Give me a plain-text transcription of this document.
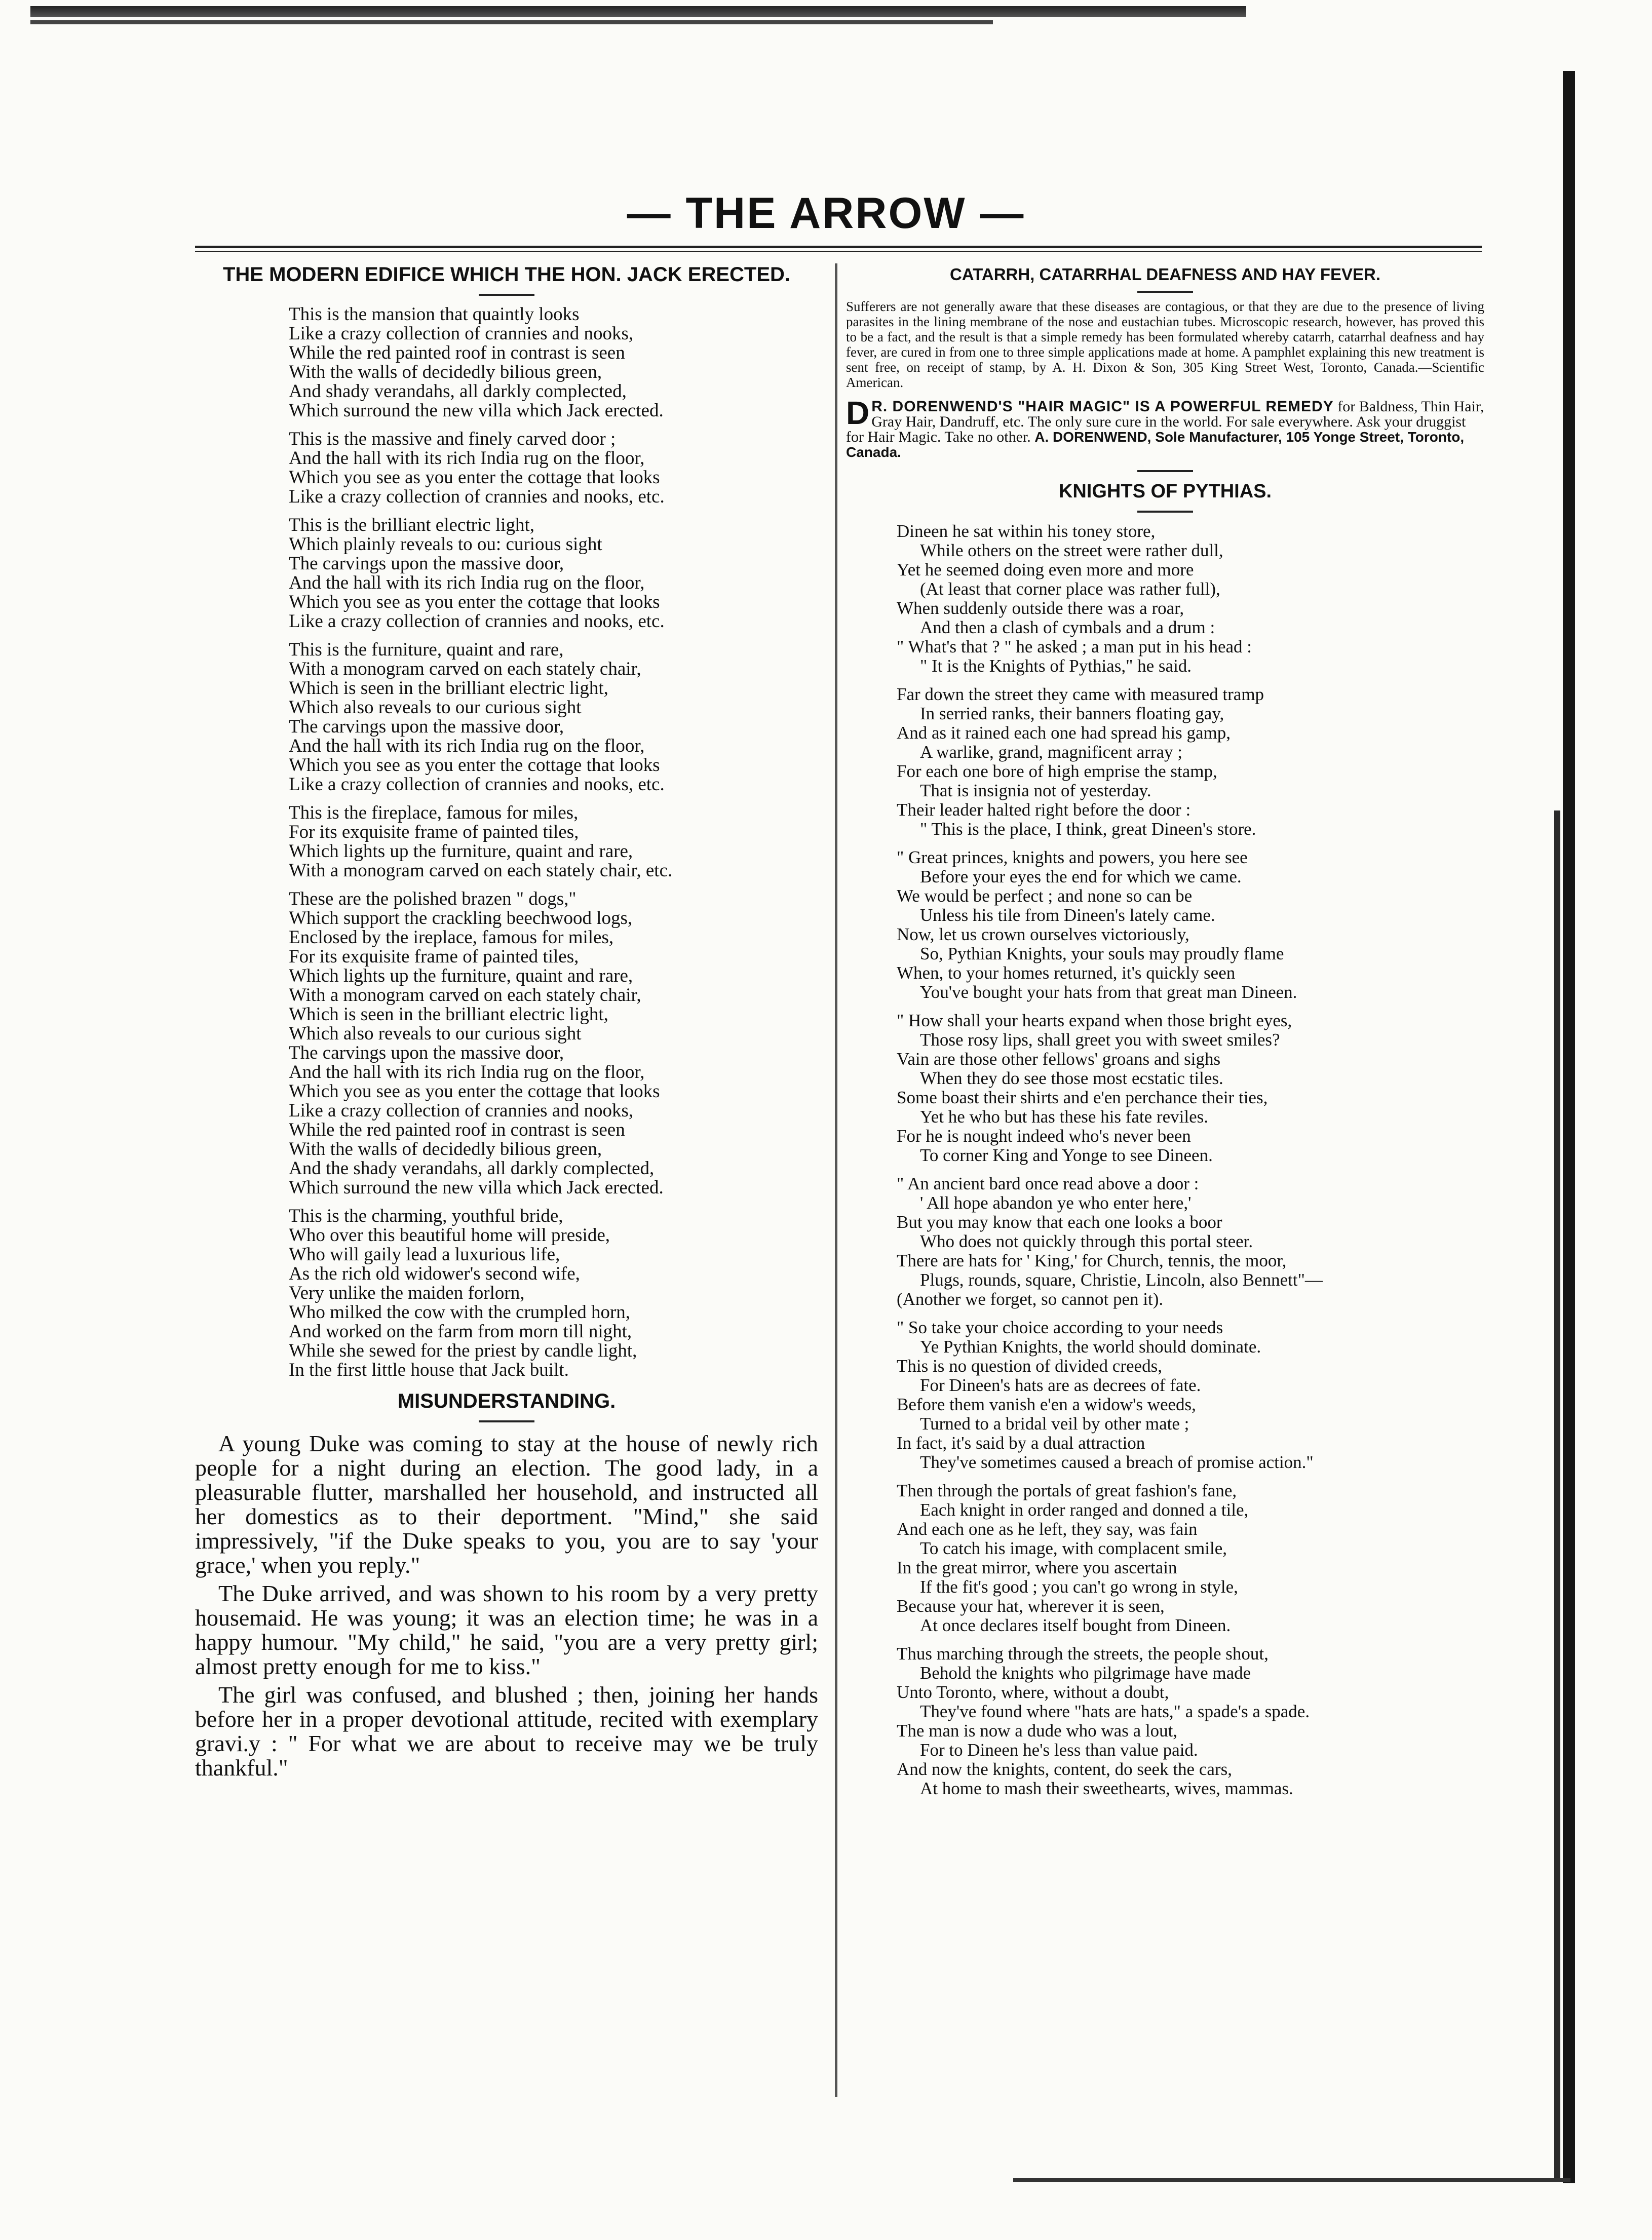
— THE ARROW —
THE MODERN EDIFICE WHICH THE HON. JACK ERECTED.
This is the mansion that quaintly looks
Like a crazy collection of crannies and nooks,
While the red painted roof in contrast is seen
With the walls of decidedly bilious green,
And shady verandahs, all darkly complected,
Which surround the new villa which Jack erected.
This is the massive and finely carved door ;
And the hall with its rich India rug on the floor,
Which you see as you enter the cottage that looks
Like a crazy collection of crannies and nooks, etc.
This is the brilliant electric light,
Which plainly reveals to ou: curious sight
The carvings upon the massive door,
And the hall with its rich India rug on the floor,
Which you see as you enter the cottage that looks
Like a crazy collection of crannies and nooks, etc.
This is the furniture, quaint and rare,
With a monogram carved on each stately chair,
Which is seen in the brilliant electric light,
Which also reveals to our curious sight
The carvings upon the massive door,
And the hall with its rich India rug on the floor,
Which you see as you enter the cottage that looks
Like a crazy collection of crannies and nooks, etc.
This is the fireplace, famous for miles,
For its exquisite frame of painted tiles,
Which lights up the furniture, quaint and rare,
With a monogram carved on each stately chair, etc.
These are the polished brazen " dogs,"
Which support the crackling beechwood logs,
Enclosed by the ireplace, famous for miles,
For its exquisite frame of painted tiles,
Which lights up the furniture, quaint and rare,
With a monogram carved on each stately chair,
Which is seen in the brilliant electric light,
Which also reveals to our curious sight
The carvings upon the massive door,
And the hall with its rich India rug on the floor,
Which you see as you enter the cottage that looks
Like a crazy collection of crannies and nooks,
While the red painted roof in contrast is seen
With the walls of decidedly bilious green,
And the shady verandahs, all darkly complected,
Which surround the new villa which Jack erected.
This is the charming, youthful bride,
Who over this beautiful home will preside,
Who will gaily lead a luxurious life,
As the rich old widower's second wife,
Very unlike the maiden forlorn,
Who milked the cow with the crumpled horn,
And worked on the farm from morn till night,
While she sewed for the priest by candle light,
In the first little house that Jack built.
MISUNDERSTANDING.

A young Duke was coming to stay at the house of newly rich people for a night during an election. The good lady, in a pleasurable flutter, marshalled her household, and instructed all her domestics as to their deportment. "Mind," she said impressively, "if the Duke speaks to you, you are to say 'your grace,' when you reply."

The Duke arrived, and was shown to his room by a very pretty housemaid. He was young; it was an election time; he was in a happy humour. "My child," he said, "you are a very pretty girl; almost pretty enough for me to kiss."

The girl was confused, and blushed ; then, joining her hands before her in a proper devotional attitude, recited with exemplary gravi.y : " For what we are about to receive may we be truly thankful."

CATARRH, CATARRHAL DEAFNESS AND HAY FEVER.

Sufferers are not generally aware that these diseases are contagious, or that they are due to the presence of living parasites in the lining membrane of the nose and eustachian tubes. Microscopic research, however, has proved this to be a fact, and the result is that a simple remedy has been formulated whereby catarrh, catarrhal deafness and hay fever, are cured in from one to three simple applications made at home. A pamphlet explaining this new treatment is sent free, on receipt of stamp, by A. H. Dixon & Son, 305 King Street West, Toronto, Canada.—Scientific American.

D R. DORENWEND'S "HAIR MAGIC" IS A POWERFUL REMEDY for Baldness, Thin Hair, Gray Hair, Dandruff, etc. The only sure cure in the world. For sale everywhere. Ask your druggist for Hair Magic. Take no other. A. DORENWEND, Sole Manufacturer, 105 Yonge Street, Toronto, Canada.
KNIGHTS OF PYTHIAS.
Dineen he sat within his toney store,
While others on the street were rather dull,
Yet he seemed doing even more and more
(At least that corner place was rather full),
When suddenly outside there was a roar,
And then a clash of cymbals and a drum :
" What's that ? " he asked ; a man put in his head :
" It is the Knights of Pythias," he said.
Far down the street they came with measured tramp
In serried ranks, their banners floating gay,
And as it rained each one had spread his gamp,
A warlike, grand, magnificent array ;
For each one bore of high emprise the stamp,
That is insignia not of yesterday.
Their leader halted right before the door :
" This is the place, I think, great Dineen's store.
" Great princes, knights and powers, you here see
Before your eyes the end for which we came.
We would be perfect ; and none so can be
Unless his tile from Dineen's lately came.
Now, let us crown ourselves victoriously,
So, Pythian Knights, your souls may proudly flame
When, to your homes returned, it's quickly seen
You've bought your hats from that great man Dineen.
" How shall your hearts expand when those bright eyes,
Those rosy lips, shall greet you with sweet smiles?
Vain are those other fellows' groans and sighs
When they do see those most ecstatic tiles.
Some boast their shirts and e'en perchance their ties,
Yet he who but has these his fate reviles.
For he is nought indeed who's never been
To corner King and Yonge to see Dineen.
" An ancient bard once read above a door :
' All hope abandon ye who enter here,'
But you may know that each one looks a boor
Who does not quickly through this portal steer.
There are hats for ' King,' for Church, tennis, the moor,
Plugs, rounds, square, Christie, Lincoln, also Bennett"—
(Another we forget, so cannot pen it).
" So take your choice according to your needs
Ye Pythian Knights, the world should dominate.
This is no question of divided creeds,
For Dineen's hats are as decrees of fate.
Before them vanish e'en a widow's weeds,
Turned to a bridal veil by other mate ;
In fact, it's said by a dual attraction
They've sometimes caused a breach of promise action."
Then through the portals of great fashion's fane,
Each knight in order ranged and donned a tile,
And each one as he left, they say, was fain
To catch his image, with complacent smile,
In the great mirror, where you ascertain
If the fit's good ; you can't go wrong in style,
Because your hat, wherever it is seen,
At once declares itself bought from Dineen.
Thus marching through the streets, the people shout,
Behold the knights who pilgrimage have made
Unto Toronto, where, without a doubt,
They've found where "hats are hats," a spade's a spade.
The man is now a dude who was a lout,
For to Dineen he's less than value paid.
And now the knights, content, do seek the cars,
At home to mash their sweethearts, wives, mammas.
